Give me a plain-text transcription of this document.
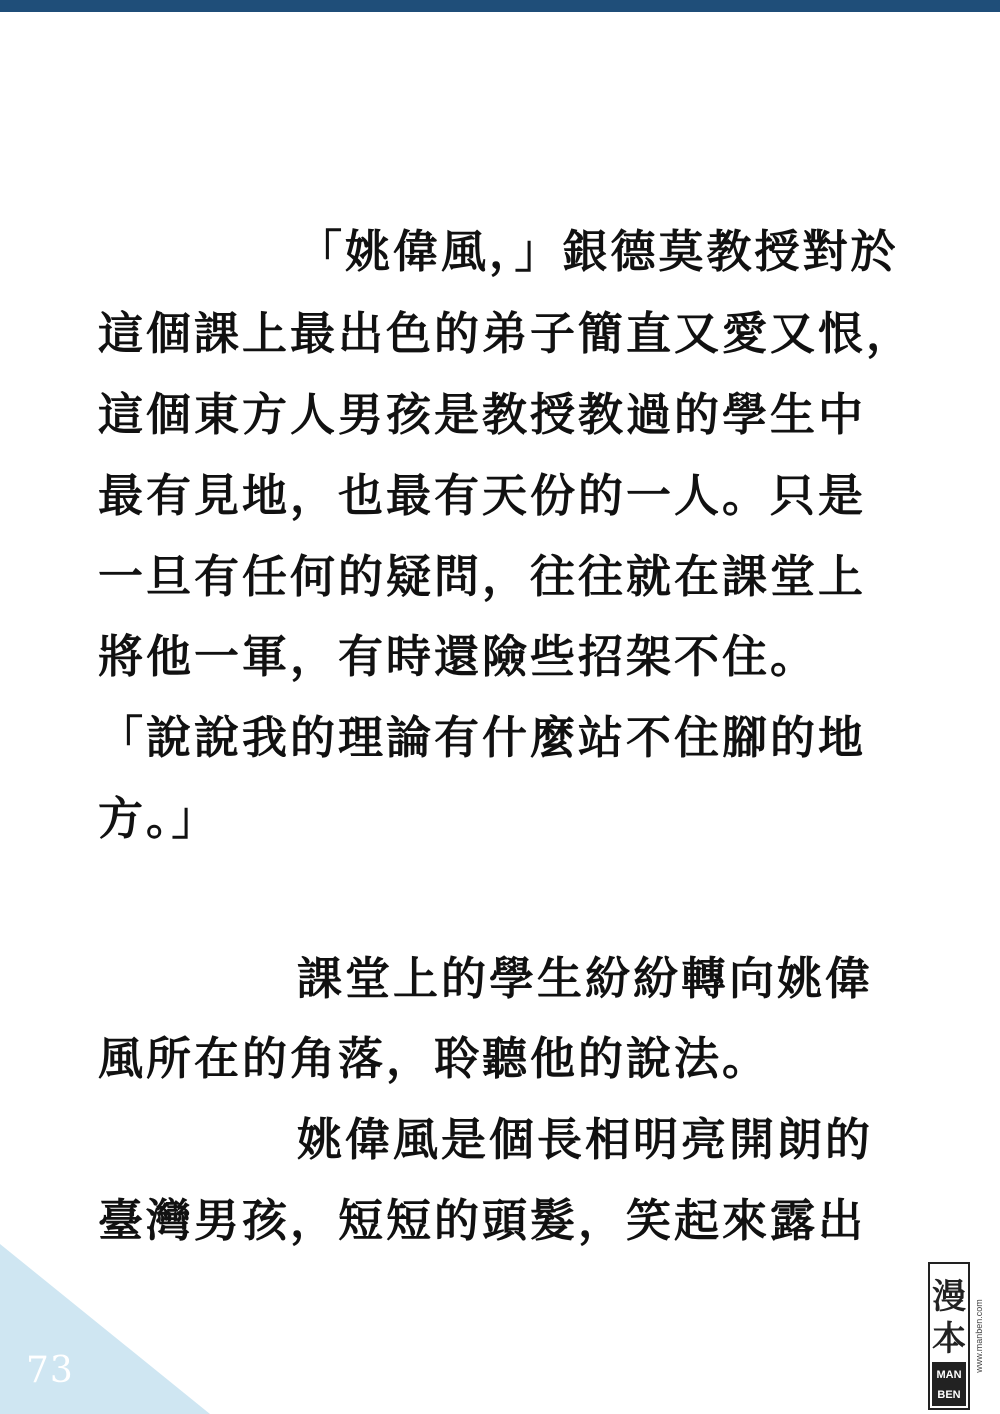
「姚偉風，」銀德莫教授對於
這個課上最出色的弟子簡直又愛又恨，
這個東方人男孩是教授教過的學生中
最有見地，也最有天份的一人。只是
一旦有任何的疑問，往往就在課堂上
將他一軍，有時還險些招架不住。
「說說我的理論有什麼站不住腳的地
方。」
課堂上的學生紛紛轉向姚偉
風所在的角落，聆聽他的說法。
姚偉風是個長相明亮開朗的
臺灣男孩，短短的頭髮，笑起來露出
73	MAN
BEN
漫
本 www.manben.com
